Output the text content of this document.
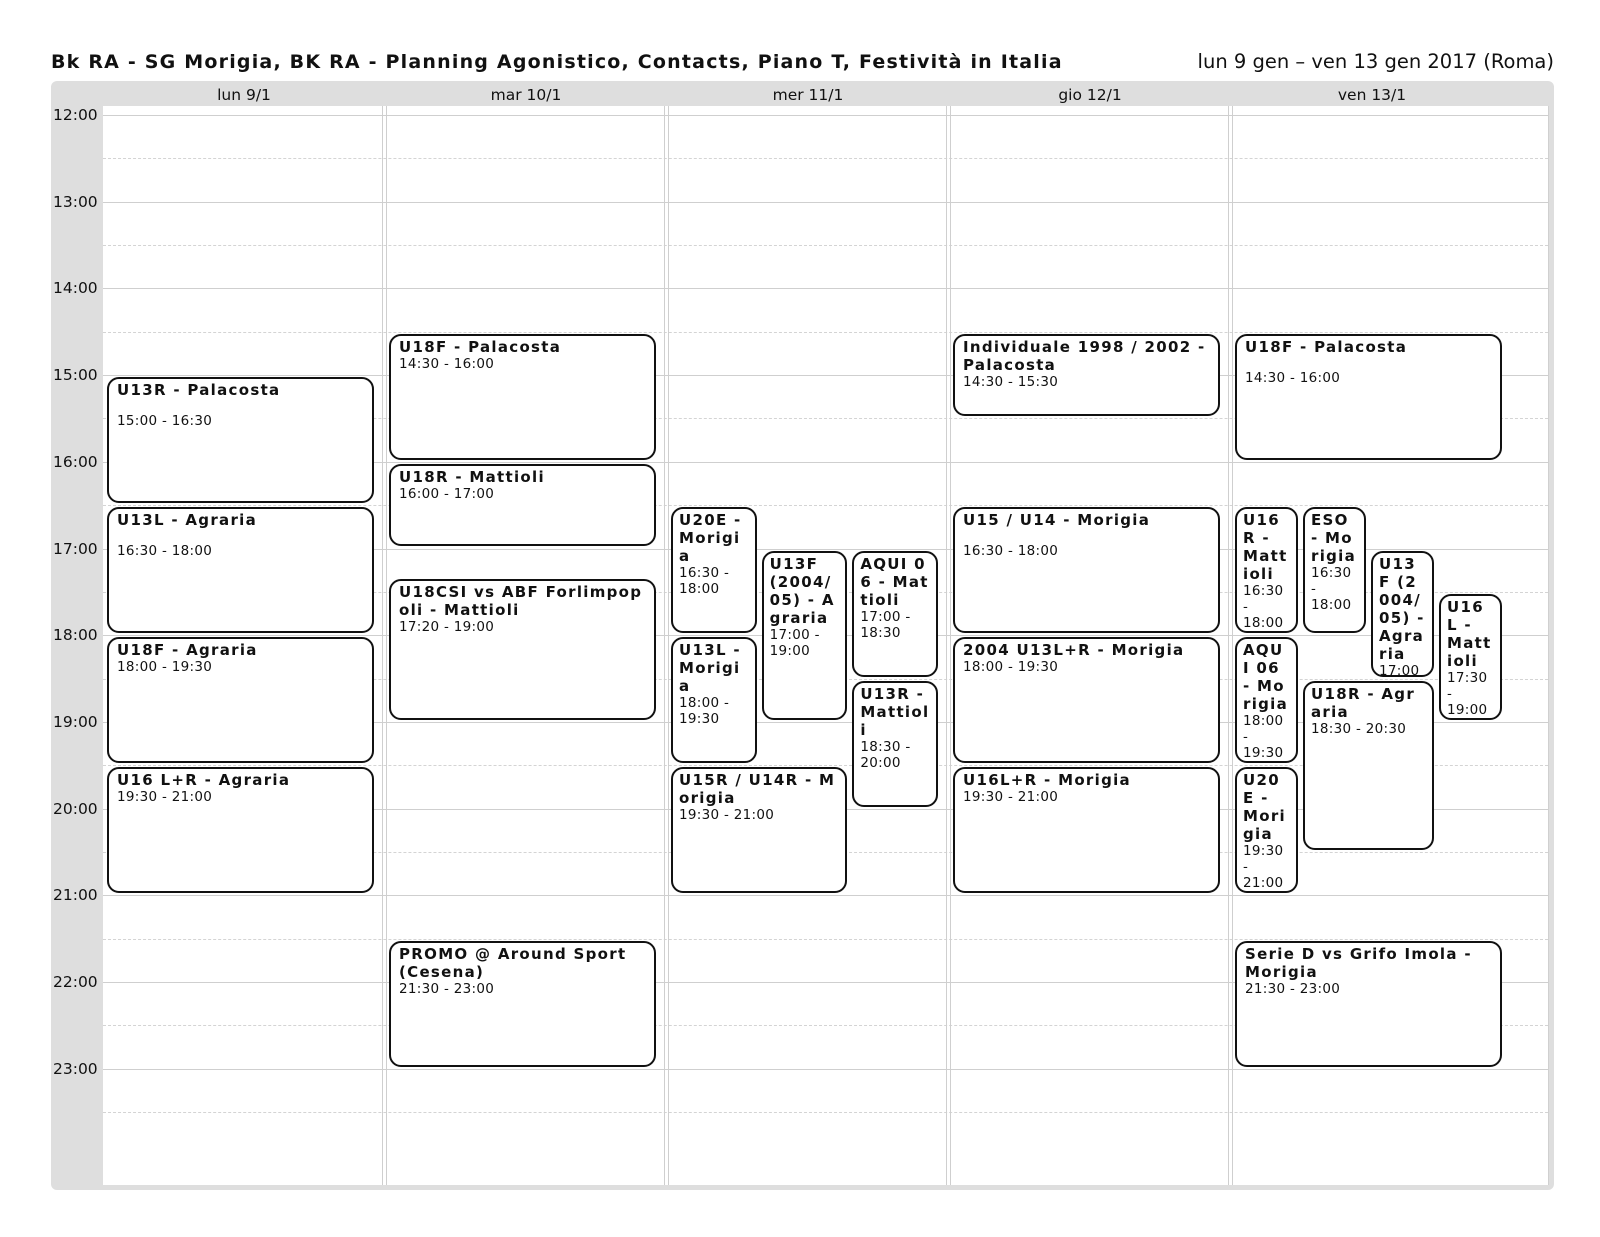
Bk RA - SG Morigia, BK RA - Planning Agonistico, Contacts, Piano T, Festività in Italia	lun 9 gen – ven 13 gen 2017 (Roma)
lun 9/1	mar 10/1	mer 11/1	gio 12/1	ven 13/1
12:00
13:00
14:00
15:00
16:00
17:00
18:00
19:00
20:00
21:00
22:00
23:00
U13R - Palacosta
15:00 - 16:30
U13L - Agraria
16:30 - 18:00
U18F - Agraria
18:00 - 19:30
U16 L+R - Agraria
19:30 - 21:00
U18F - Palacosta
14:30 - 16:00
U18R - Mattioli
16:00 - 17:00
U18CSI vs ABF Forlimpopoli - Mattioli
17:20 - 19:00
PROMO @ Around Sport (Cesena)
21:30 - 23:00
U20E - Morigia
16:30 - 18:00
U13F (2004/05) - Agraria
17:00 - 19:00
AQUI 06 - Mattioli
17:00 - 18:30
U13L - Morigia
18:00 - 19:30
U13R - Mattioli
18:30 - 20:00
U15R / U14R - Morigia
19:30 - 21:00
Individuale 1998 / 2002 - Palacosta
14:30 - 15:30
U15 / U14 - Morigia
16:30 - 18:00
2004 U13L+R - Morigia
18:00 - 19:30
U16L+R - Morigia
19:30 - 21:00
U18F - Palacosta
14:30 - 16:00
U16R - Mattioli
16:30 - 18:00
ESO - Morigia
16:30 - 18:00
U13F (2004/05) - Agraria
17:00
U16L - Mattioli
17:30 - 19:00
AQUI 06 - Morigia
18:00 - 19:30
U18R - Agraria
18:30 - 20:30
U20E - Morigia
19:30 - 21:00
Serie D vs Grifo Imola - Morigia
21:30 - 23:00
